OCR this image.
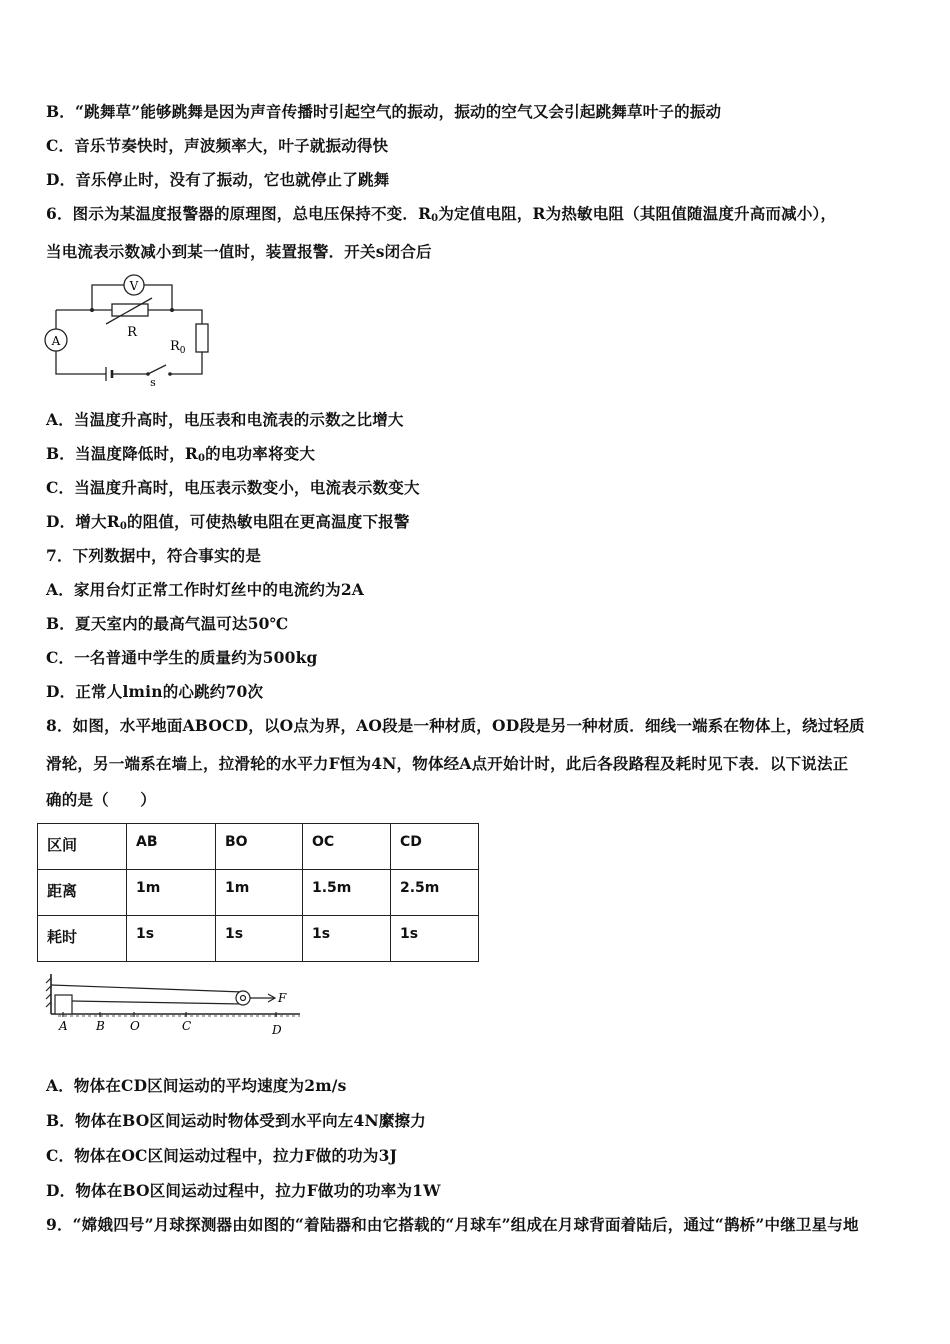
B．“跳舞草”能够跳舞是因为声音传播时引起空气的振动，振动的空气又会引起跳舞草叶子的振动
C．音乐节奏快时，声波频率大，叶子就振动得快
D．音乐停止时，没有了振动，它也就停止了跳舞
6．图示为某温度报警器的原理图，总电压保持不变．$R_0$为定值电阻，R为热敏电阻（其阻值随温度升高而减小），
当电流表示数减小到某一值时，装置报警．开关s闭合后
A
V
R
$R_0$
s
A．当温度升高时，电压表和电流表的示数之比增大
B．当温度降低时，$R_0$的电功率将变大
C．当温度升高时，电压表示数变小，电流表示数变大
D．增大$R_0$的阻值，可使热敏电阻在更高温度下报警
7．下列数据中，符合事实的是
A．家用台灯正常工作时灯丝中的电流约为2A
B．夏天室内的最高气温可达50℃
C．一名普通中学生的质量约为500kg
D．正常人lmin的心跳约70次
8．如图，水平地面ABOCD，以O点为界，AO段是一种材质，OD段是另一种材质．细线一端系在物体上，绕过轻质
滑轮，另一端系在墙上，拉滑轮的水平力F恒为4N，物体经A点开始计时，此后各段路程及耗时见下表．以下说法正
确的是（　　）
区间	AB	BO	OC	CD
距离	1m	1m	1.5m	2.5m
耗时	1s	1s	1s	1s
F
A B O	C	D
A．物体在CD区间运动的平均速度为2m/s
B．物体在BO区间运动时物体受到水平向左4N縻擦力
C．物体在OC区间运动过程中，拉力F做的功为3J
D．物体在BO区间运动过程中，拉力F做功的功率为1W
9．“嫦娥四号”月球探测器由如图的“着陆器和由它搭载的“月球车”组成在月球背面着陆后，通过“鹊桥”中继卫星与地
